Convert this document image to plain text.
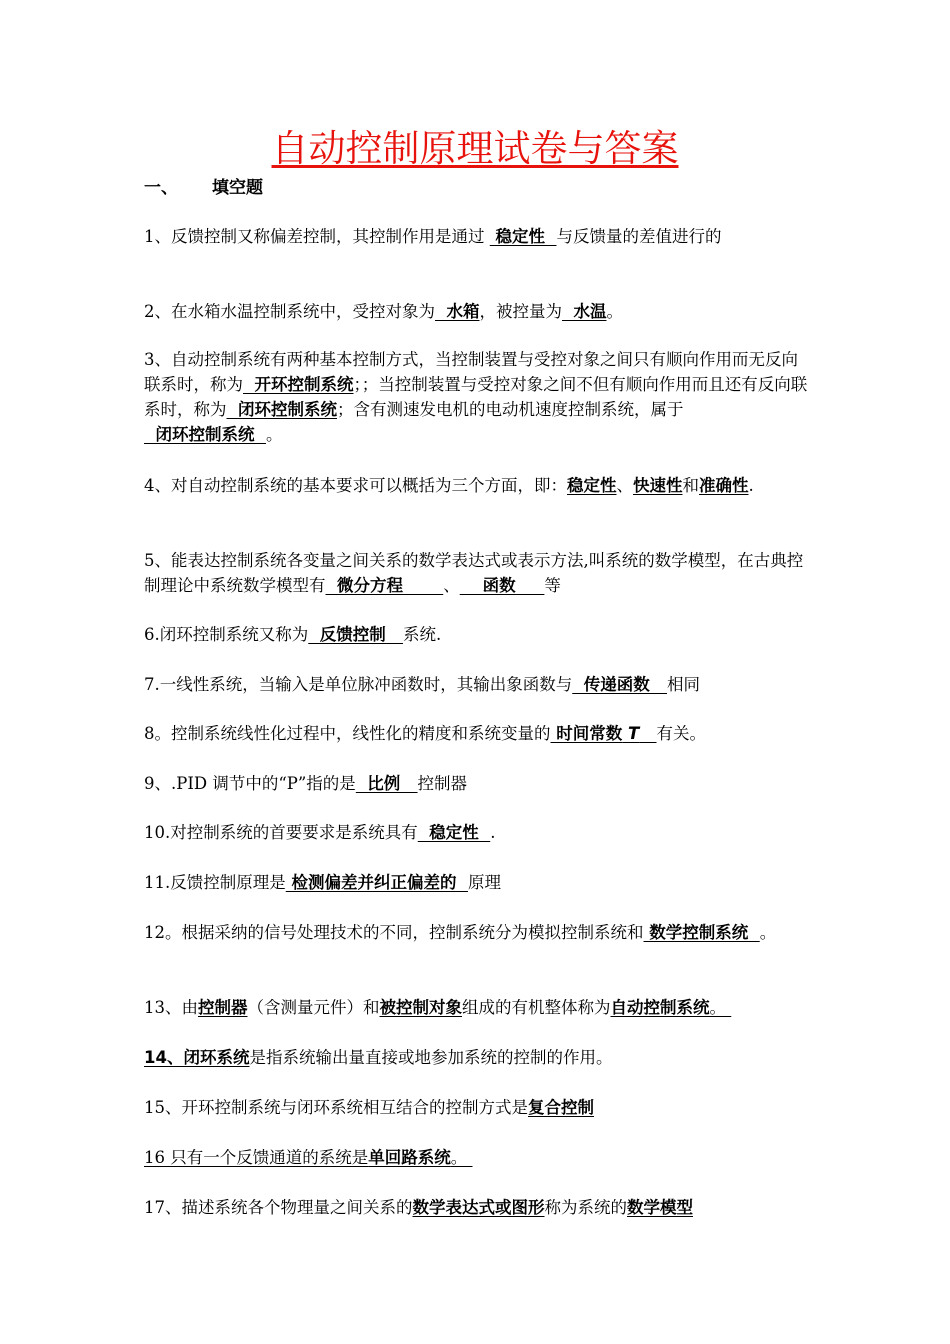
自动控制原理试卷与答案
一、 填空题
1、反馈控制又称偏差控制，其控制作用是通过  稳定性  与反馈量的差值进行的
2、在水箱水温控制系统中，受控对象为  水箱，被控量为  水温。
3、自动控制系统有两种基本控制方式，当控制装置与受控对象之间只有顺向作用而无反向联系时，称为  开环控制系统；；当控制装置与受控对象之间不但有顺向作用而且还有反向联系时，称为  闭环控制系统；含有测速发电机的电动机速度控制系统，属于  闭环控制系统  。
4、对自动控制系统的基本要求可以概括为三个方面，即：稳定性、快速性和准确性.
5、能表达控制系统各变量之间关系的数学表达式或表示方法,叫系统的数学模型，在古典控制理论中系统数学模型有  微分方程       、    函数     等
6.闭环控制系统又称为  反馈控制   系统.
7.一线性系统，当输入是单位脉冲函数时，其输出象函数与  传递函数   相同
8。控制系统线性化过程中，线性化的精度和系统变量的 时间常数 T 有关。
9、.PID 调节中的“P”指的是  比例   控制器
10.对控制系统的首要要求是系统具有  稳定性  .
11.反馈控制原理是 检测偏差并纠正偏差的  原理
12。根据采纳的信号处理技术的不同，控制系统分为模拟控制系统和 数学控制系统  。
13、由控制器（含测量元件）和被控制对象组成的有机整体称为自动控制系统。
14、闭环系统是指系统输出量直接或地参加系统的控制的作用。
15、开环控制系统与闭环系统相互结合的控制方式是复合控制
16 只有一个反馈通道的系统是单回路系统。
17、描述系统各个物理量之间关系的数学表达式或图形称为系统的数学模型
